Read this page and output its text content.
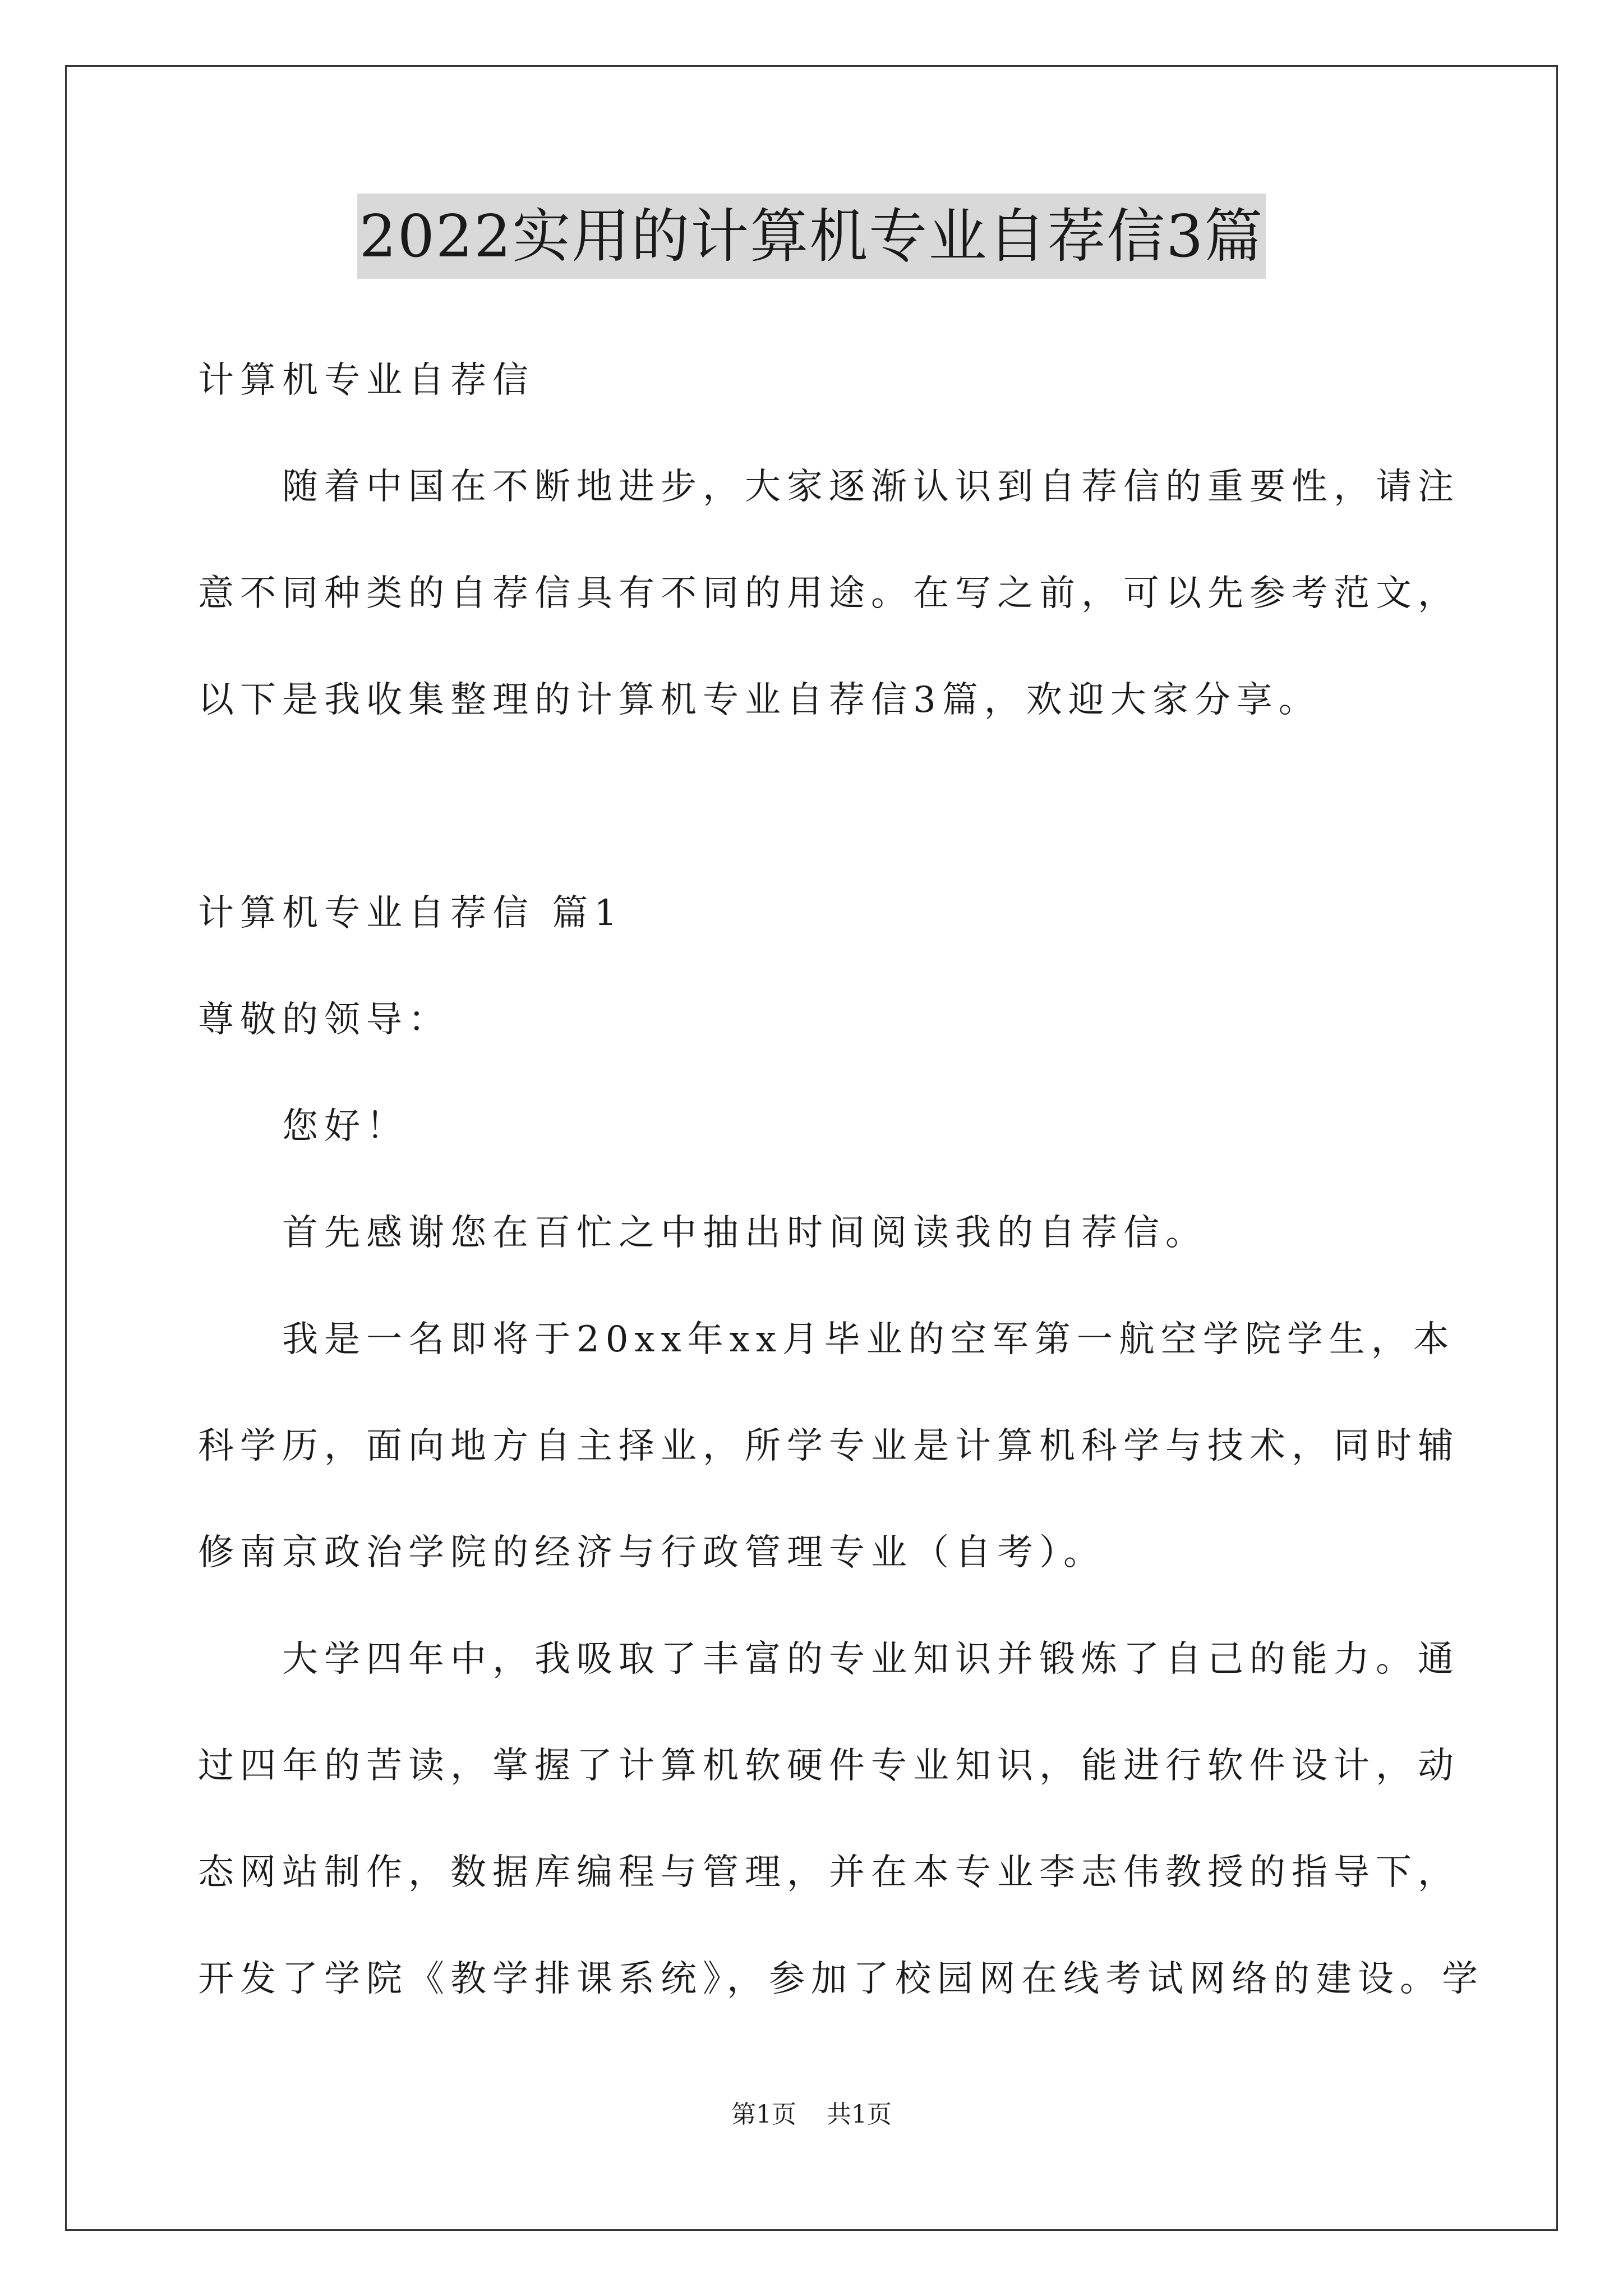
2022实用的计算机专业自荐信3篇
计算机专业自荐信
随着中国在不断地进步，大家逐渐认识到自荐信的重要性，请注
意不同种类的自荐信具有不同的用途。在写之前，可以先参考范文，
以下是我收集整理的计算机专业自荐信3篇，欢迎大家分享。
计算机专业自荐信 篇1
尊敬的领导：
您好！
首先感谢您在百忙之中抽出时间阅读我的自荐信。
我是一名即将于20xx年xx月毕业的空军第一航空学院学生，本
科学历，面向地方自主择业，所学专业是计算机科学与技术，同时辅
修南京政治学院的经济与行政管理专业（自考）。
大学四年中，我吸取了丰富的专业知识并锻炼了自己的能力。通
过四年的苦读，掌握了计算机软硬件专业知识，能进行软件设计，动
态网站制作，数据库编程与管理，并在本专业李志伟教授的指导下，
开发了学院《教学排课系统》，参加了校园网在线考试网络的建设。学
第1页 共1页
